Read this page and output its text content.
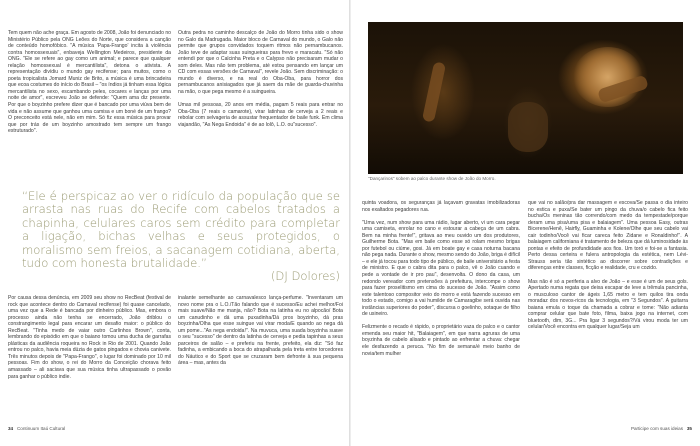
Tem quem não ache graça. Em agosto de 2008, João foi denunciado no Ministério Público pela ONG Leões do Norte, que considera a canção de conteúdo homofóbico. "A música 'Papa-Frango' incita à violência contra homossexuais", enbaveja Wellington Medeiros, presidente da ONG. "Ele se refere ao gay como um animal; e parece que qualquer relação homossexual é mercantilista", detona o ativista. A representação divídiu o mundo gay recifense; para muitos, como o poeta tropicalista Jomard Muniz de Brito, a música é uma brincadeira que ecoa costumes do início do Brasil – "os índios já tinham essa lógica mercantilista no sexo, escambando peles, cocares e lanças por uma noite de amor", escreveu João se defende: "Quem ama diz presente. Por que o boyzinho prefere dizer que é bancado por uma viúva bem de vida e não assume que ganhou uma camisa e um boné de um frango? O preconceito está nele, não em mim. Só fiz essa música para provar que por trás de um boyzinho amostrado tem sempre um frango estruturado".
Outra pedra no caminho descalço de João do Morro tinha sido o show no Galo da Madrugada. Maior bloco de Carnaval do mundo, o Galo não permite que grupos convidados toquem ritmos não pernambucanos. João teve de adaptar suas suingueiras para frevo e maracatu. "Só não entendi por que o Calcinha Preta e o Calypso não precisaram mudar o som deles. Mas não tem problema, até estou pensando em lançar um CD com essas versões de Carnaval", revele João. Sem discriminação: o mundo é diverso, e na real do Oba-Oba, para horror dos pernambucanos anisiagados que já saem da mãe de guarda-chuvinha na mão, o que pega mesmo é a suingueira.

Umas mil pessoas, 20 anos em média, pagam 5 reais para entrar no Oba-Oba (7 reais o camarote), virar latinhas de cerveja a 2 reais e rebolar com selvageria de assustar frequentador de baile funk. Em clima viajandão, "As Nega Endoida" é de ao lolô, L.O. ou"sucesso".
“Ele é perspicaz ao ver o ridículo da população que se arrasta nas ruas do Recife com cabelos tratados a chapinha, celulares caros sem crédito para completar a ligação, bichas velhas e seus protegidos, o moralismo sem freios, a sacanagem cotidiana, aberta, tudo com honesta brutalidade.”
(DJ Dolores)
Por causa dessa denúncia, em 2009 seu show no RecBeat (festival de rock que acontece dentro do Carnaval recifense) foi quase cancelado, uma vez que a Rede é bancada por dinheiro público. Mas, embora o processo ainda não tenha se encerrado, João driblou o constrangimento legal para encarar um desafio maior: o público do RecBeat. "Tinha medo de vaiar outro Carlinhos Brown", conta, lembrando do episódio em que o baiano tomou uma ducha de garrafas plásticas da audiência roqueira no Rock in Rio de 2001. Quando João entrou no palco, havia meia dúzia de gatos pingados e chovia canivete. Três minutos depois de "Papa-Frango", o lugar foi dominado por 10 mil pessoas. Fim do show, o rei do Morro da Conceição chorava feito amassado – ali saciava que sua música tinha ultrapassado o povão para ganhar o público indie.
inalante semelhante ao carnavalesco lança-perfume. "Inventaram um novo nome pra o L.O./Tão falando que é sucesso/Eu achei melhor/Foi mais suave/Não me manja, não? Bota na latinha eu no alpocão/ Bota um canudinho e dá uma puxadinha/Dá pros boyzinho, dá pras boyzinha/Olha que esse suingue vai virar moda/E quando ao nega dá um pome..."As nega endoida!". Na muvuca, uma suada boyzinha suave o seu "sucesso" de dentro da latinha de cerveja e pedia tapinhas a seus parceiros de salão – e preferiu na frente, prefeito, ela diz: "Só faz fadinha, a embicando a boca do atrapalhada pela treta entre torcedores do Náutico e do Sport que se cruzaram bem defronte à sua pequena área – mas, antes da
"Dançarinos" sobem ao palco durante show de João do Morro.
quinta voadora, os seguranças já laçavam gravatas imobilizadoras nos exaltados pegadores rua.

"Uma vez, num show para uma rádio, lugar aberto, vi um cara pegar uma camiseta, enrolar no cano e estourar a cabeça de um cabra. Bem na minha frente!", gritava ao meu ouvido um dos produtores, Guilherme Bota. "Mas em baile como esse só rolam mesmo brigas por futebol ou ciúme, gosi. Já em boate gay e casa noturna bacana não pega nada. Durante o show, mesmo sendo do João, briga é difícil – e ele já tocou para todo tipo de público, de baile universitário a festa de ministro. E que o cabra dita para o palco, vê o João cuando e pede a vontade de ir pro pau", desenvolta. O dono da casa, um redondo vereador com pretensões à prefeitura, intercompe o show para fazer proselitismo em cima do sucesso de João. "Assim como este talentoso compositor veio do morro e está fazendo sucesso em todo o estado, comigo a vai humilde de Camaragibe será ouvida nas instâncias superiores do poder", discursa o goelinho, sotaque de filho de usineiro.

Felizmente o recado é rápido, o proprietário vaza do palco e o cantor emenda seu maior hit, "Balaiagem", em que narra agruras de uma boyzinha de cabelo alisado e pintado ao enfrentar a chuva: chegar ele desfazendo a peruca. "No fim de semana/é meio banho de novia/tem mulher
que vai no salão/pra dar massagem e escova/Se passa o dia inteiro no estica e puxa/Se bater um pingo da chuva/o cabelo fica feito bucha/Os meninas tão correndo/com medo da tempestade/porque deram uma pisa/uma pisa e balaiagem". Uma pessoa Easy, outras Bicerene/Henê, Hairfly, Guaminha e Kolene/Olhe que seu cabelo vai cair todinho/Você vai ficar careca feito Zidane e Ronaldinho!". A balaiagem californiana é tratamento de beleza que dá luminosidade às pontas e efeito de profundidade aos fios. Um toró e foi-se a fantasia. Perto dessa certeira e fulera antropologia da estética, nem Lévi-Strauss seria tão sintético ao discorrer sobre contradições e diferenças entre classes, ficção e realidade, cru e cozido.

Mas não é só a periferia a alvo de João – e esse é um de seus gols. Apertado numa regata que deixa escapar de leve a trêmula pancinha, o musculoso cantor de ágeis 1,65 metro e tem quilos tira onda moradaz dos novos-ricos da tecnologia, em "3 Segundos". A guitarra baiana emula o toque da chamada a cobrar e tome: "Não adianta comprar celular que bate foto, filma, baixa jogo na internet, com bluetooth, dim, 3G... Pra ligar 3 segundos?/Vá virou moda ter um celular/Você encontra em qualquer lugar/Seja um
34 Continuum Itaú Cultural	Participe com suas ideias 35
